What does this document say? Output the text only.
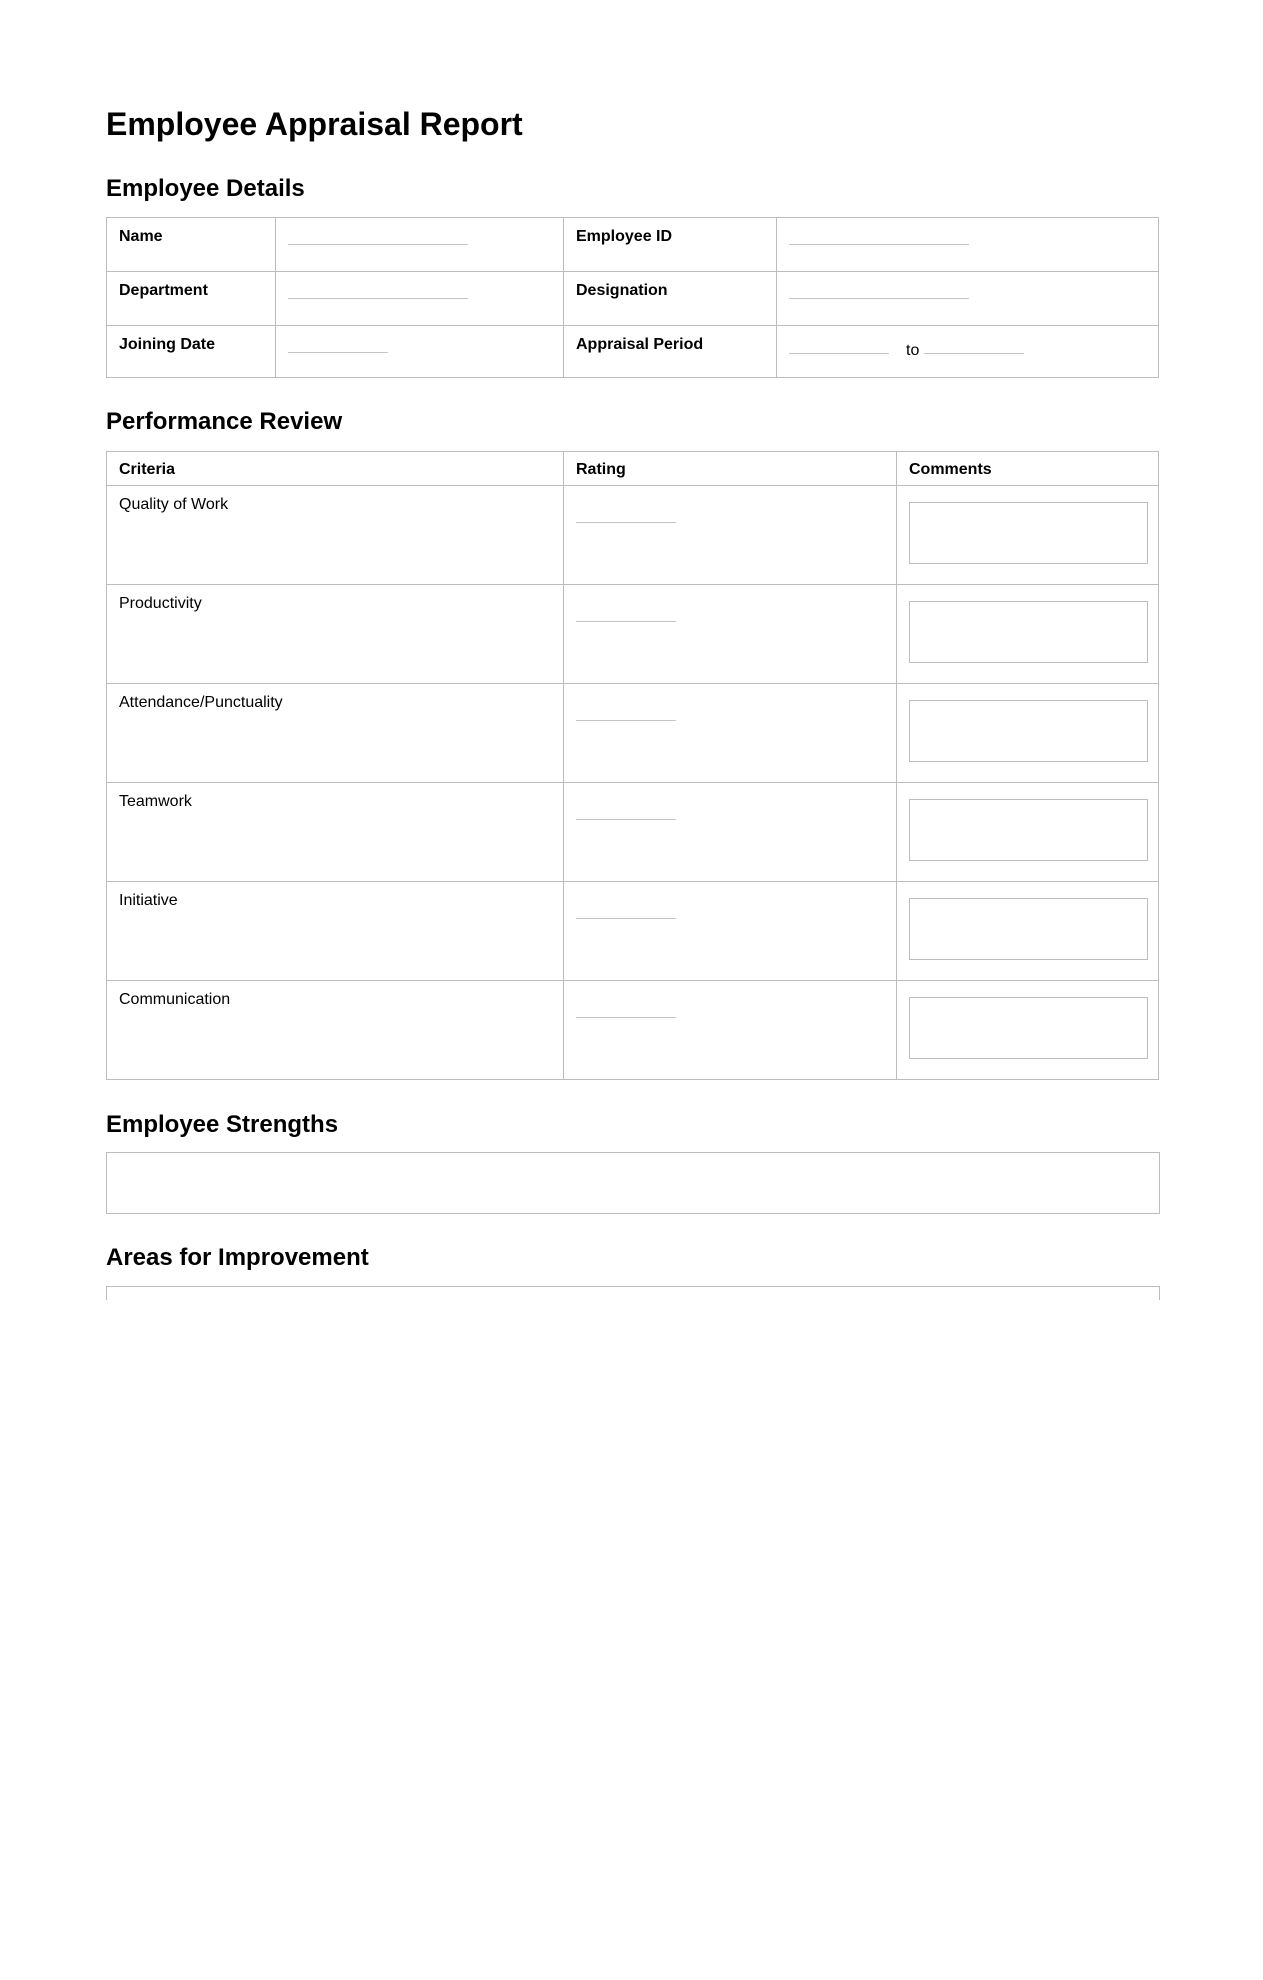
Employee Appraisal Report
Employee Details
Name		Employee ID	

Department		Designation	

Joining Date		Appraisal Period	to
Performance Review
Criteria	Rating	Comments
Quality of Work	

Productivity	

Attendance/Punctuality	

Teamwork	

Initiative	

Communication	

Employee Strengths
Areas for Improvement
